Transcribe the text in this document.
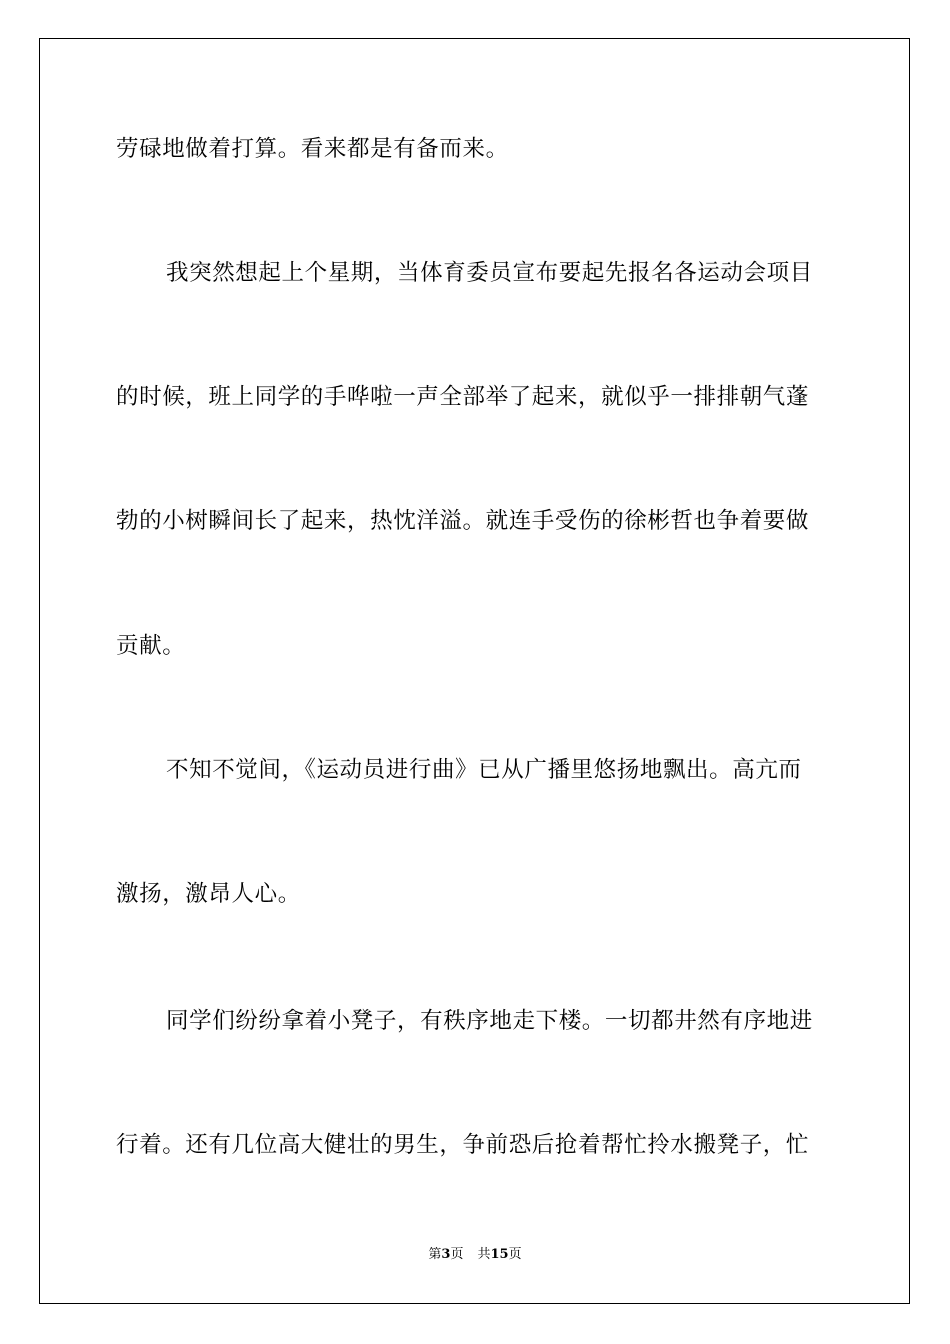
劳碌地做着打算。看来都是有备而来。
我突然想起上个星期，当体育委员宣布要起先报名各运动会项目
的时候，班上同学的手哗啦一声全部举了起来，就似乎一排排朝气蓬
勃的小树瞬间长了起来，热忱洋溢。就连手受伤的徐彬哲也争着要做
贡献。
不知不觉间，《运动员进行曲》已从广播里悠扬地飘出。高亢而
激扬，激昂人心。
同学们纷纷拿着小凳子，有秩序地走下楼。一切都井然有序地进
行着。还有几位高大健壮的男生，争前恐后抢着帮忙拎水搬凳子，忙
第3页 共15页
